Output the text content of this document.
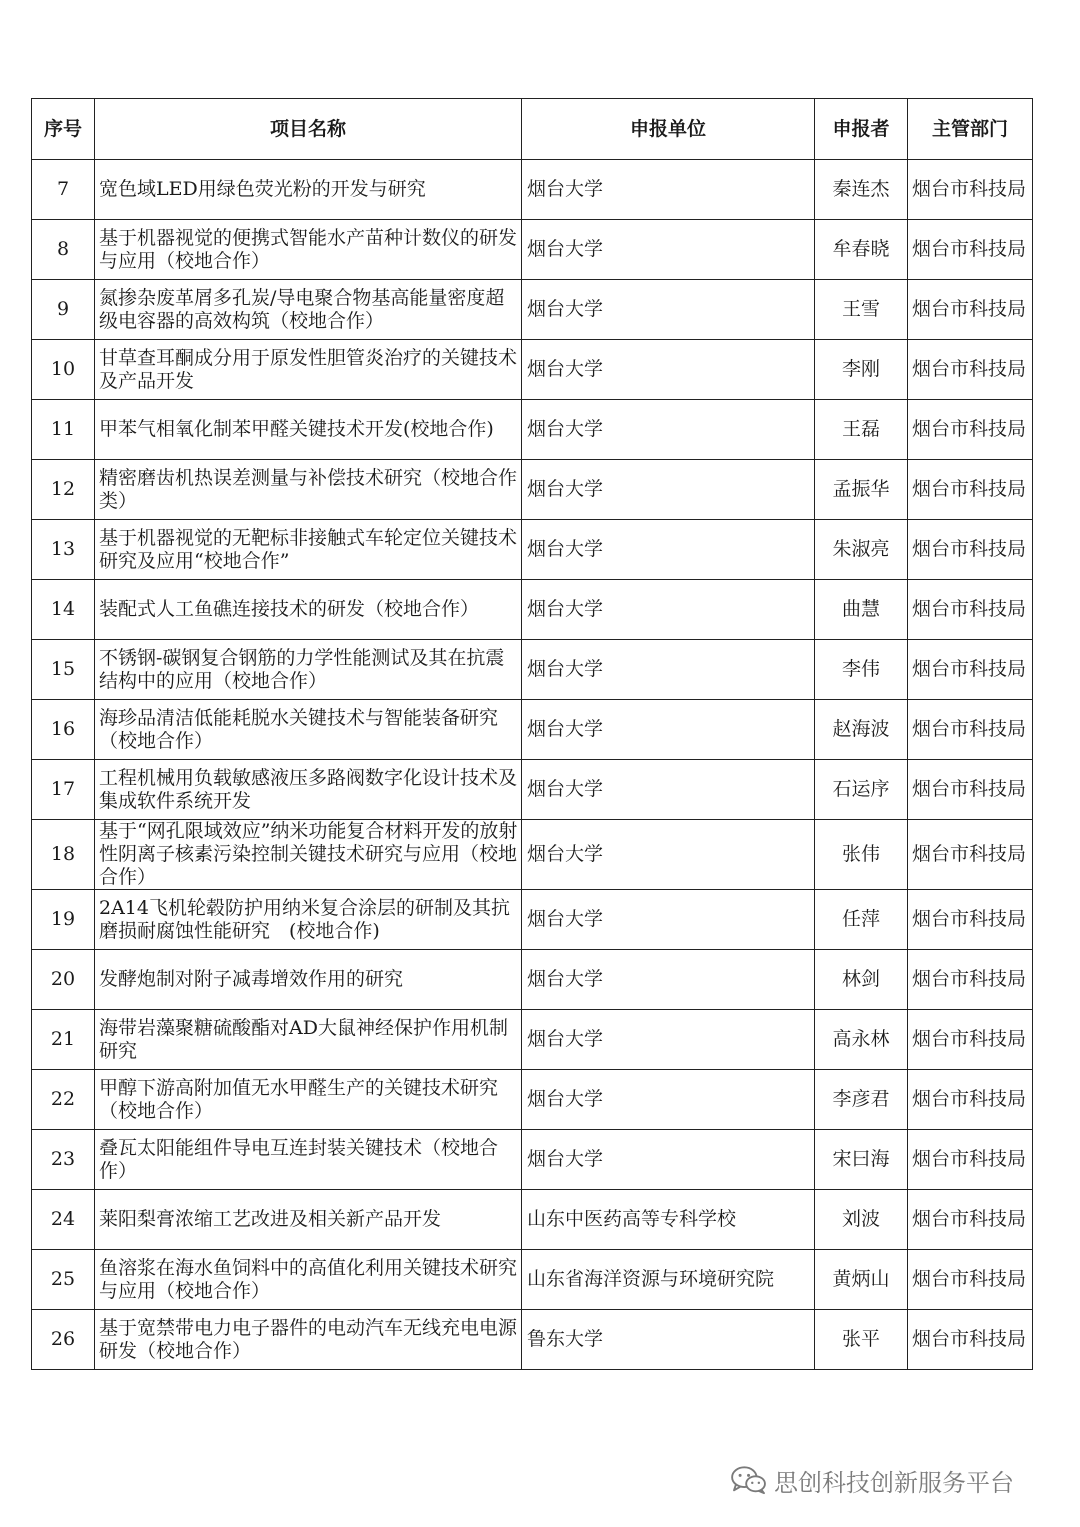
序号	项目名称	申报单位	申报者	主管部门
7	宽色域LED用绿色荧光粉的开发与研究	烟台大学	秦连杰	烟台市科技局
8	基于机器视觉的便携式智能水产苗种计数仪的研发与应用（校地合作）	烟台大学	牟春晓	烟台市科技局
9	氮掺杂废革屑多孔炭/导电聚合物基高能量密度超级电容器的高效构筑（校地合作）	烟台大学	王雪	烟台市科技局
10	甘草查耳酮成分用于原发性胆管炎治疗的关键技术及产品开发	烟台大学	李刚	烟台市科技局
11	甲苯气相氧化制苯甲醛关键技术开发(校地合作)	烟台大学	王磊	烟台市科技局
12	精密磨齿机热误差测量与补偿技术研究（校地合作类）	烟台大学	孟振华	烟台市科技局
13	基于机器视觉的无靶标非接触式车轮定位关键技术研究及应用“校地合作”	烟台大学	朱淑亮	烟台市科技局
14	装配式人工鱼礁连接技术的研发（校地合作）	烟台大学	曲慧	烟台市科技局
15	不锈钢-碳钢复合钢筋的力学性能测试及其在抗震结构中的应用（校地合作）	烟台大学	李伟	烟台市科技局
16	海珍品清洁低能耗脱水关键技术与智能装备研究（校地合作）	烟台大学	赵海波	烟台市科技局
17	工程机械用负载敏感液压多路阀数字化设计技术及集成软件系统开发	烟台大学	石运序	烟台市科技局
18	基于“网孔限域效应”纳米功能复合材料开发的放射性阴离子核素污染控制关键技术研究与应用（校地合作）	烟台大学	张伟	烟台市科技局
19	2A14飞机轮毂防护用纳米复合涂层的研制及其抗磨损耐腐蚀性能研究　(校地合作)	烟台大学	任萍	烟台市科技局
20	发酵炮制对附子减毒增效作用的研究	烟台大学	林剑	烟台市科技局
21	海带岩藻聚糖硫酸酯对AD大鼠神经保护作用机制研究	烟台大学	高永林	烟台市科技局
22	甲醇下游高附加值无水甲醛生产的关键技术研究（校地合作）	烟台大学	李彦君	烟台市科技局
23	叠瓦太阳能组件导电互连封装关键技术（校地合作）	烟台大学	宋曰海	烟台市科技局
24	莱阳梨膏浓缩工艺改进及相关新产品开发	山东中医药高等专科学校	刘波	烟台市科技局
25	鱼溶浆在海水鱼饲料中的高值化利用关键技术研究与应用（校地合作）	山东省海洋资源与环境研究院	黄炳山	烟台市科技局
26	基于宽禁带电力电子器件的电动汽车无线充电电源研发（校地合作）	鲁东大学	张平	烟台市科技局
思创科技创新服务平台
